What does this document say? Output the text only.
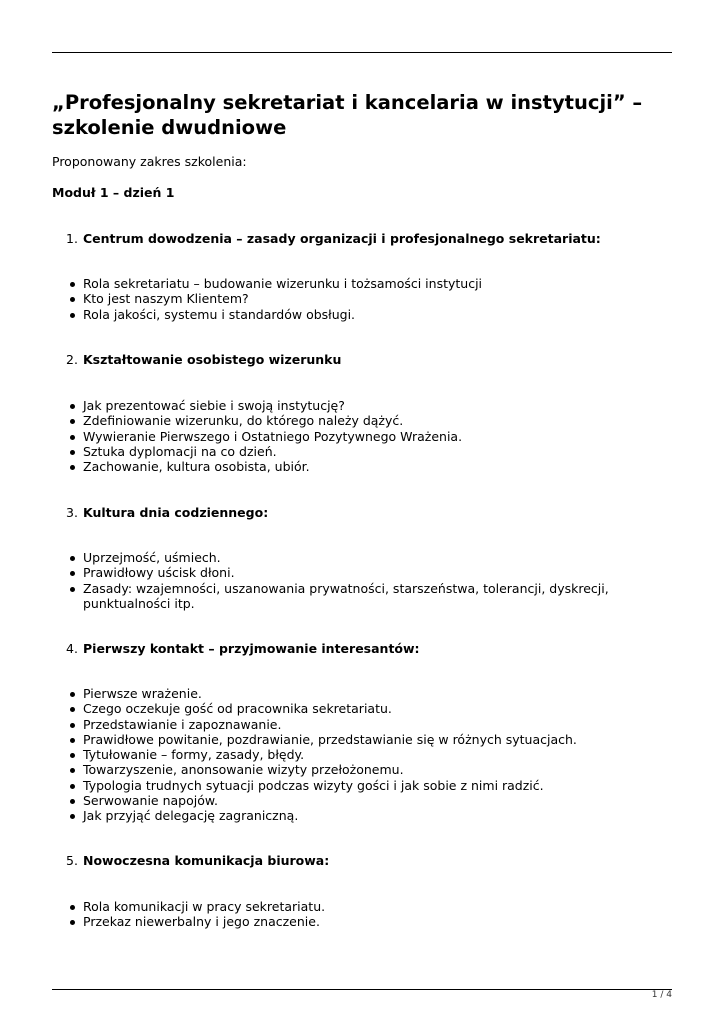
„Profesjonalny sekretariat i kancelaria w instytucji” –szkolenie dwudniowe

Proponowany zakres szkolenia:

Moduł 1 – dzień 1

1. Centrum dowodzenia – zasady organizacji i profesjonalnego sekretariatu:

Rola sekretariatu – budowanie wizerunku i tożsamości instytucji
Kto jest naszym Klientem?
Rola jakości, systemu i standardów obsługi.

2. Kształtowanie osobistego wizerunku

Jak prezentować siebie i swoją instytucję?
Zdefiniowanie wizerunku, do którego należy dążyć.
Wywieranie Pierwszego i Ostatniego Pozytywnego Wrażenia.
Sztuka dyplomacji na co dzień.
Zachowanie, kultura osobista, ubiór.

3. Kultura dnia codziennego:

Uprzejmość, uśmiech.
Prawidłowy uścisk dłoni.
Zasady: wzajemności, uszanowania prywatności, starszeństwa, tolerancji, dyskrecji, punktualności itp.

4. Pierwszy kontakt – przyjmowanie interesantów:

Pierwsze wrażenie.
Czego oczekuje gość od pracownika sekretariatu.
Przedstawianie i zapoznawanie.
Prawidłowe powitanie, pozdrawianie, przedstawianie się w różnych sytuacjach.
Tytułowanie – formy, zasady, błędy.
Towarzyszenie, anonsowanie wizyty przełożonemu.
Typologia trudnych sytuacji podczas wizyty gości i jak sobie z nimi radzić.
Serwowanie napojów.
Jak przyjąć delegację zagraniczną.

5. Nowoczesna komunikacja biurowa:

Rola komunikacji w pracy sekretariatu.
Przekaz niewerbalny i jego znaczenie.
1 / 4
